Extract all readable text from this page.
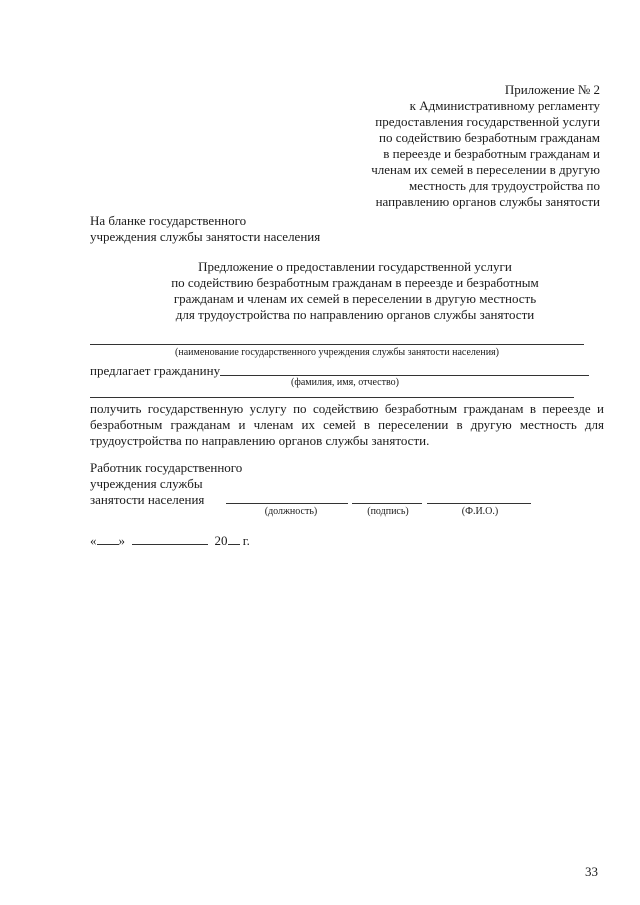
Приложение № 2
к Административному регламенту
предоставления государственной услуги
по содействию безработным гражданам
в переезде и безработным гражданам и
членам их семей в переселении в другую
местность для трудоустройства по
направлению органов службы занятости
На бланке государственного
учреждения службы занятости населения
Предложение о предоставлении государственной услуги
по содействию безработным гражданам в переезде и безработным
гражданам и членам их семей в переселении в другую местность
для трудоустройства по направлению органов службы занятости
(наименование государственного учреждения службы занятости населения)
предлагает гражданину
(фамилия, имя, отчество)
получить государственную услугу по содействию безработным гражданам в переезде и безработным гражданам и членам их семей в переселении в другую местность для трудоустройства по направлению органов службы занятости.
Работник государственного
учреждения службы
занятости населения
(должность)	(подпись)	(Ф.И.О.)
« »	20 г.
33
